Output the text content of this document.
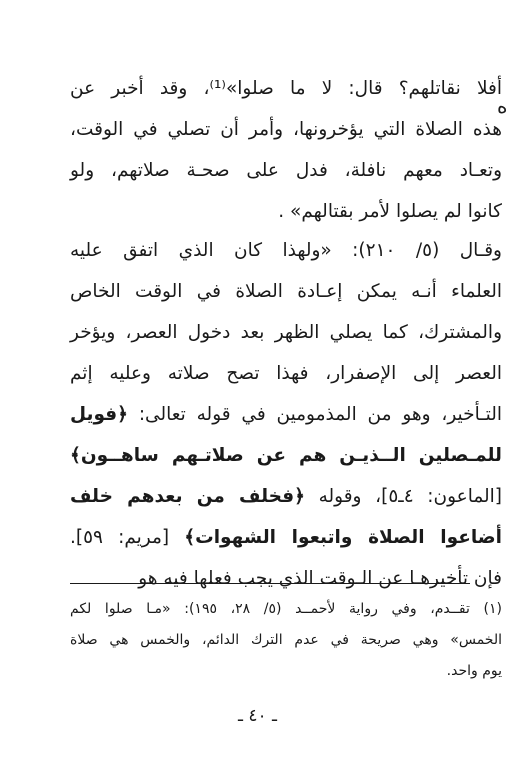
ه
أفلا نقاتلهم؟ قال: لا ما صلوا»⁽¹⁾، وقد أخبر عن
هذه الصلاة التي يؤخرونها، وأمر أن تصلي في الوقت،
وتعـاد معهم نافلة، فدل على صحـة صلاتهم، ولو
كانوا لم يصلوا لأمر بقتالهم» .
وقـال (٥/ ٢١٠): «ولهذا كان الذي اتفق عليه
العلماء أنـه يمكن إعـادة الصلاة في الوقت الخاص
والمشترك، كما يصلي الظهر بعد دخول العصر، ويؤخر
العصر إلى الإصفرار، فهذا تصح صلاته وعليه إثم
التـأخير، وهو من المذمومين في قوله تعالى: ﴿فويل
للمـصلين الــذيـن هم عن صلاتـهم ساهــون﴾
[الماعون: ٤ـ٥]، وقوله ﴿فخلف من بعدهم خلف
أضاعوا الصلاة واتبعوا الشهوات﴾ [مريم: ٥٩].
فإن تأخيرهـا عن الـوقت الذي يجب فعلها فيه هو
(١) تقــدم، وفي رواية لأحمــد (٥/ ٢٨، ١٩٥): «مـا صلوا لكم
الخمس» وهي صريحة في عدم الترك الدائم، والخمس هي صلاة
يوم واحد.
ـ ٤٠ ـ
